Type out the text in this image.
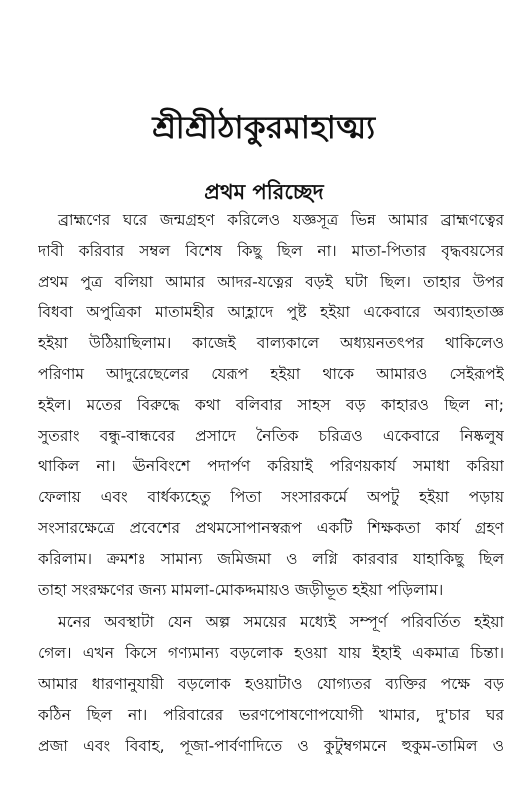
শ্রীশ্রীঠাকুরমাহাত্ম্য
প্রথম পরিচ্ছেদ
ব্রাহ্মণের ঘরে জন্মগ্রহণ করিলেও যজ্ঞসূত্র ভিন্ন আমার ব্রাহ্মণত্বের
দাবী করিবার সম্বল বিশেষ কিছু ছিল না। মাতা-পিতার বৃদ্ধবয়সের
প্রথম পুত্র বলিয়া আমার আদর-যত্নের বড়ই ঘটা ছিল। তাহার উপর
বিধবা অপুত্রিকা মাতামহীর আহ্লাদে পুষ্ট হইয়া একেবারে অব্যাহতাজ্ঞ
হইয়া উঠিয়াছিলাম। কাজেই বাল্যকালে অধ্যয়নতৎপর থাকিলেও
পরিণাম আদুরেছেলের যেরূপ হইয়া থাকে আমারও সেইরূপই
হইল। মতের বিরুদ্ধে কথা বলিবার সাহস বড় কাহারও ছিল না;
সুতরাং বন্ধু-বান্ধবের প্রসাদে নৈতিক চরিত্রও একেবারে নিষ্কলুষ
থাকিল না। ঊনবিংশে পদার্পণ করিয়াই পরিণয়কার্য সমাধা করিয়া
ফেলায় এবং বার্ধক্যহেতু পিতা সংসারকর্মে অপটু হইয়া পড়ায়
সংসারক্ষেত্রে প্রবেশের প্রথমসোপানস্বরূপ একটি শিক্ষকতা কার্য গ্রহণ
করিলাম। ক্রমশঃ সামান্য জমিজমা ও লগ্নি কারবার যাহাকিছু ছিল
তাহা সংরক্ষণের জন্য মামলা-মোকদ্দমায়ও জড়ীভূত হইয়া পড়িলাম।
মনের অবস্থাটা যেন অল্প সময়ের মধ্যেই সম্পূর্ণ পরিবর্তিত হইয়া
গেল। এখন কিসে গণ্যমান্য বড়লোক হওয়া যায় ইহাই একমাত্র চিন্তা।
আমার ধারণানুযায়ী বড়লোক হওয়াটাও যোগ্যতর ব্যক্তির পক্ষে বড়
কঠিন ছিল না। পরিবারের ভরণপোষণোপযোগী খামার, দু'চার ঘর
প্রজা এবং বিবাহ, পূজা-পার্বণাদিতে ও কুটুম্বগমনে হুকুম-তামিল ও
